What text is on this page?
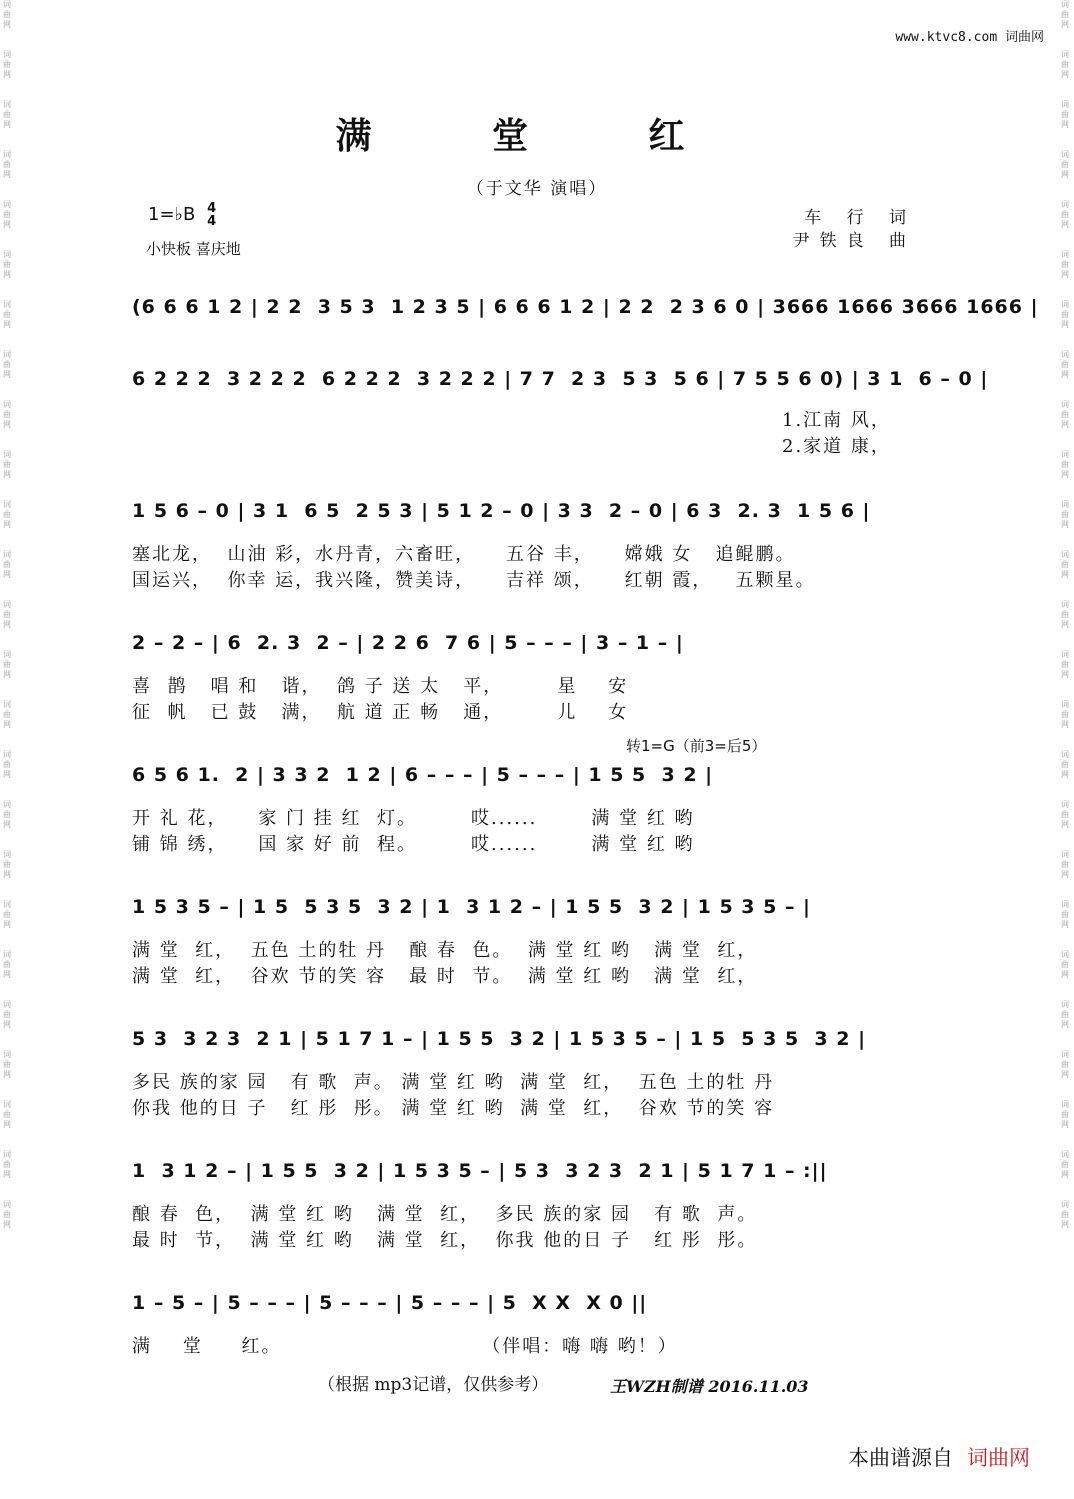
词
曲
网

词
曲
网

词
曲
网

词
曲
网

词
曲
网

词
曲
网

词
曲
网

词
曲
网

词
曲
网

词
曲
网

词
曲
网

词
曲
网

词
曲
网

词
曲
网

词
曲
网

词
曲
网

词
曲
网

词
曲
网

词
曲
网

词
曲
网

词
曲
网

词
曲
网

词
曲
网

词
曲
网

词
曲
网

词
曲
网

词
曲
网

词
曲
网

词
曲
网

词
曲
网

词
曲
网

词
曲
网

词
曲
网

词
曲
网

词
曲
网

词
曲
网

词
曲
网

词
曲
网

词
曲
网

词
曲
网

词
曲
网

词
曲
网

词
曲
网

词
曲
网

词
曲
网

词
曲
网

词
曲
网

词
曲
网

词
曲
网

词
曲
网

www.ktvc8.com 词曲网
满 堂 红
（于文华 演唱）
1=♭B 4
4
小快板 喜庆地
车 行 词
尹铁良 曲
(6 6 6 1 2 | 2 2  3 5 3  1 2 3 5 | 6 6 6 1 2 | 2 2  2 3 6 0 | 3666 1666 3666 1666 |
6 2 2 2  3 2 2 2  6 2 2 2  3 2 2 2 | 7 7  2 3  5 3  5 6 | 7 5 5 6 0) | 3 1  6 – 0 |
1.江南 风，
2.家道 康，
1 5 6 – 0 | 3 1  6 5  2 5 3 | 5 1 2 – 0 | 3 3  2 – 0 | 6 3  2. 3  1 5 6 |
塞北龙，  山油 彩，水丹青，六畜旺，    五谷 丰，    嫦娥 女   追鲲鹏。
国运兴，  你幸 运，我兴隆，赞美诗，    吉祥 颂，    红朝 霞，   五颗星。
2 – 2 – | 6  2. 3  2 – | 2 2 6  7 6 | 5 – – – | 3 – 1 – |
喜  鹊   唱 和   谐，  鸽 子 送 太   平，       星    安
征  帆   已 鼓   满，  航 道 正 畅   通，       儿    女
6 5 6 1.  2 | 3 3 2  1 2 | 6 – – – | 5 – – – | 1 5 5  3 2 |
开 礼 花，    家 门 挂 红  灯。       哎......       满 堂 红 哟
铺 锦 绣，    国 家 好 前  程。       哎......       满 堂 红 哟
1 5 3 5 – | 1 5  5 3 5  3 2 | 1  3 1 2 – | 1 5 5  3 2 | 1 5 3 5 – |
满 堂  红，  五色 土的牡 丹   酿 春  色。  满 堂 红 哟   满 堂  红，
满 堂  红，  谷欢 节的笑 容   最 时  节。  满 堂 红 哟   满 堂  红，
5 3  3 2 3  2 1 | 5 1 7 1 – | 1 5 5  3 2 | 1 5 3 5 – | 1 5  5 3 5  3 2 |
多民 族的家 园   有 歌  声。 满 堂 红 哟  满 堂  红，  五色 土的牡 丹
你我 他的日 子   红 彤  彤。 满 堂 红 哟  满 堂  红，  谷欢 节的笑 容
1  3 1 2 – | 1 5 5  3 2 | 1 5 3 5 – | 5 3  3 2 3  2 1 | 5 1 7 1 – :||
酿 春  色，  满 堂 红 哟   满 堂  红，  多民 族的家 园   有 歌  声。
最 时  节，  满 堂 红 哟   满 堂  红，  你我 他的日 子   红 彤  彤。
1 – 5 – | 5 – – – | 5 – – – | 5 – – – | 5  X X  X 0 ||
满    堂     红。                          （伴唱：嗨 嗨 哟！）
转1=G（前3=后5）
（根据 mp3记谱，仅供参考）	王WZH制谱 2016.11.03
本曲谱源自 词曲网
